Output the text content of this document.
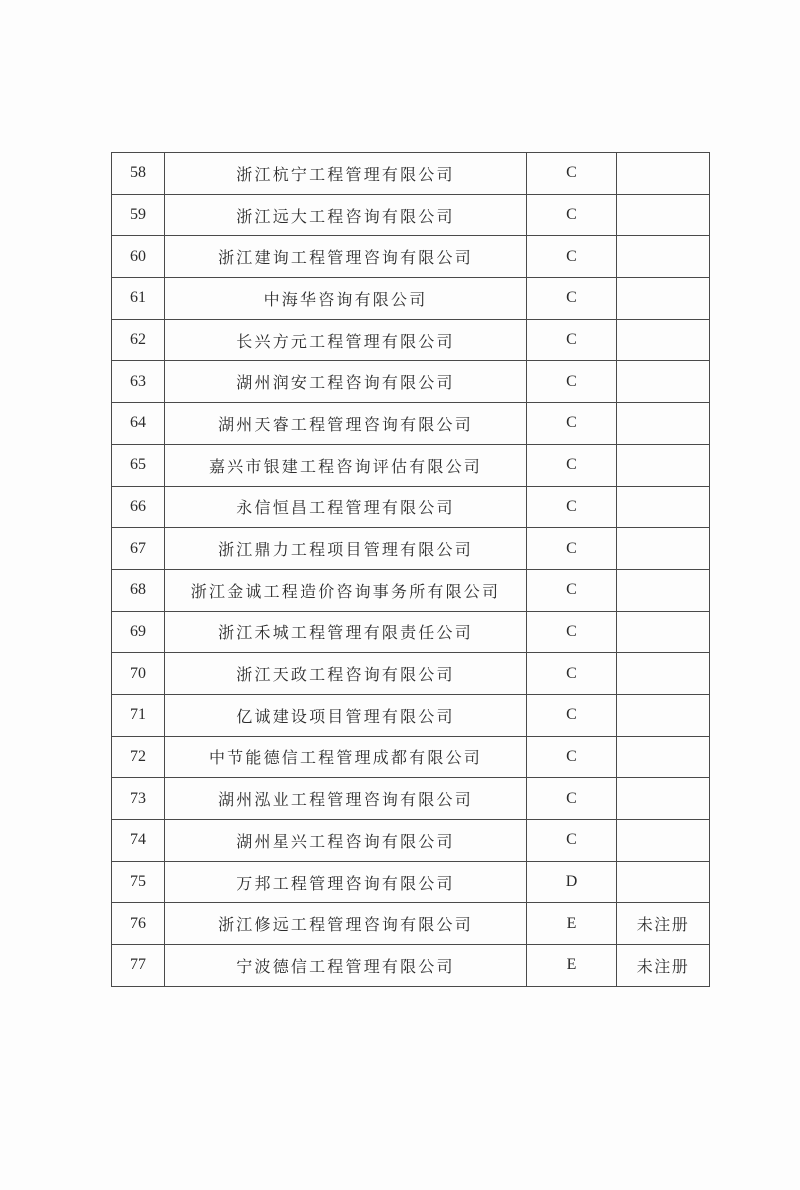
58	浙江杭宁工程管理有限公司	C	
59	浙江远大工程咨询有限公司	C	
60	浙江建询工程管理咨询有限公司	C	
61	中海华咨询有限公司	C	
62	长兴方元工程管理有限公司	C	
63	湖州润安工程咨询有限公司	C	
64	湖州天睿工程管理咨询有限公司	C	
65	嘉兴市银建工程咨询评估有限公司	C	
66	永信恒昌工程管理有限公司	C	
67	浙江鼎力工程项目管理有限公司	C	
68	浙江金诚工程造价咨询事务所有限公司	C	
69	浙江禾城工程管理有限责任公司	C	
70	浙江天政工程咨询有限公司	C	
71	亿诚建设项目管理有限公司	C	
72	中节能德信工程管理成都有限公司	C	
73	湖州泓业工程管理咨询有限公司	C	
74	湖州星兴工程咨询有限公司	C	
75	万邦工程管理咨询有限公司	D	
76	浙江修远工程管理咨询有限公司	E	未注册
77	宁波德信工程管理有限公司	E	未注册
